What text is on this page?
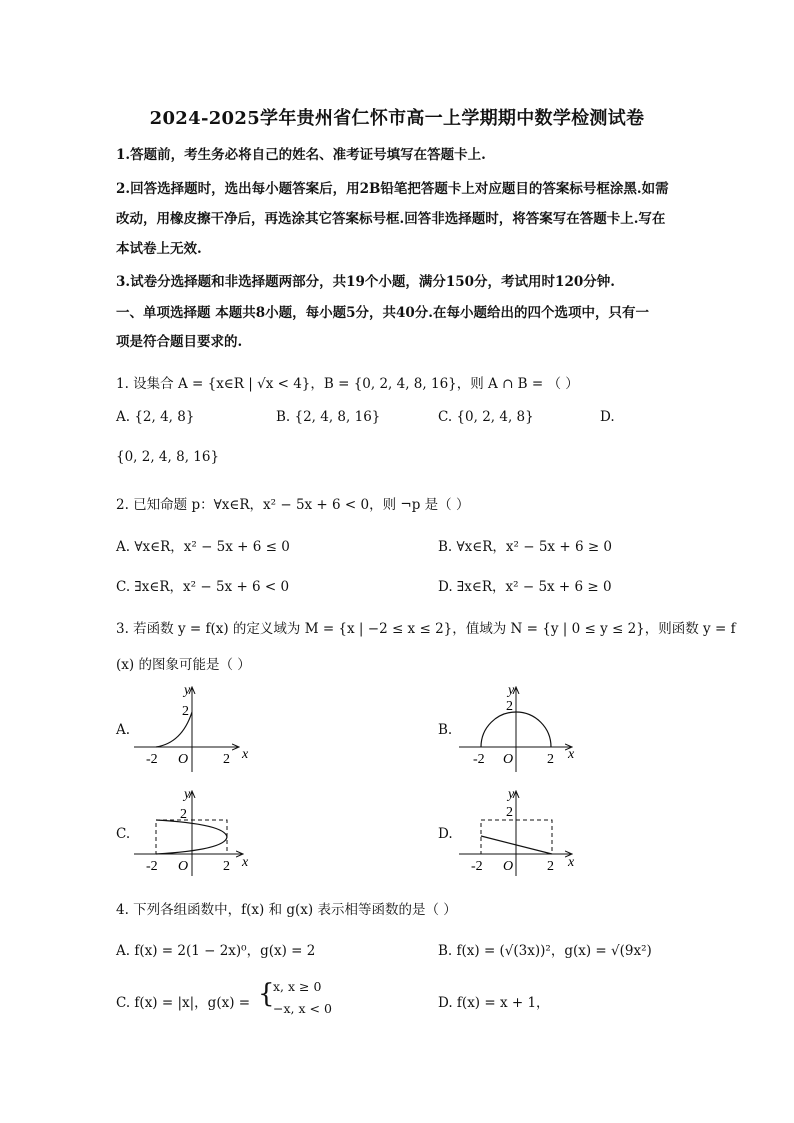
2024-2025学年贵州省仁怀市高一上学期期中数学检测试卷
1.答题前，考生务必将自己的姓名、准考证号填写在答题卡上.
2.回答选择题时，选出每小题答案后，用2B铅笔把答题卡上对应题目的答案标号框涂黑.如需
改动，用橡皮擦干净后，再选涂其它答案标号框.回答非选择题时，将答案写在答题卡上.写在
本试卷上无效.
3.试卷分选择题和非选择题两部分，共19个小题，满分150分，考试用时120分钟.
一、单项选择题 本题共8小题，每小题5分，共40分.在每小题给出的四个选项中，只有一
项是符合题目要求的.
1. 设集合 A = {x∈R | √x < 4}，B = {0, 2, 4, 8, 16}，则 A ∩ B = （ ）
A. {2, 4, 8}	B. {2, 4, 8, 16}	C. {0, 2, 4, 8}	D.
{0, 2, 4, 8, 16}
2. 已知命题 p：∀x∈R，x² − 5x + 6 < 0，则 ¬p 是（ ）
A. ∀x∈R，x² − 5x + 6 ≤ 0	B. ∀x∈R，x² − 5x + 6 ≥ 0
C. ∃x∈R，x² − 5x + 6 < 0	D. ∃x∈R，x² − 5x + 6 ≥ 0
3. 若函数 y = f(x) 的定义域为 M = {x | −2 ≤ x ≤ 2}，值域为 N = {y | 0 ≤ y ≤ 2}，则函数 y = f
(x) 的图象可能是（ ）
A.	B.
C.	D.
y
2
-2 O 2 x
y
2
-2 O 2 x
y
2
-2 O 2 x
y
2
-2 O 2 x
4. 下列各组函数中，f(x) 和 g(x) 表示相等函数的是（ ）
A. f(x) = 2(1 − 2x)⁰，g(x) = 2	B. f(x) = (√(3x))²，g(x) = √(9x²)
C. f(x) = |x|，g(x) = {
x, x ≥ 0
−x, x < 0	D. f(x) = x + 1，
